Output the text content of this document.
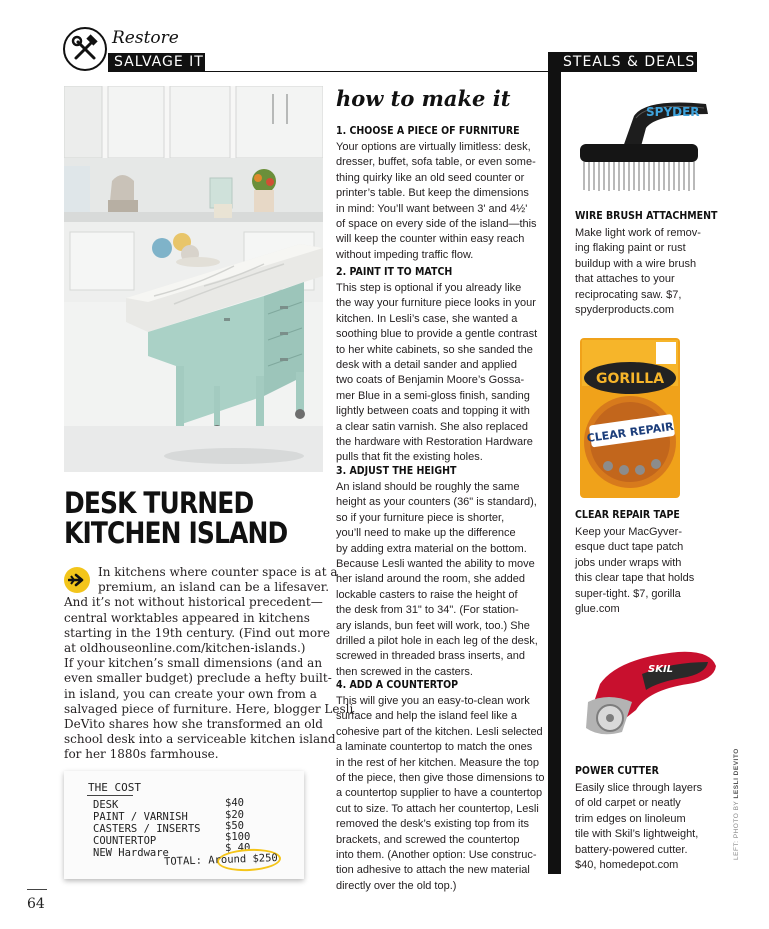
Restore
SALVAGE IT	STEALS & DEALS
DESK TURNED
KITCHEN ISLAND
In kitchens where counter space is at a
premium, an island can be a lifesaver.
And it’s not without historical precedent—
central worktables appeared in kitchens
starting in the 19th century. (Find out more
at oldhouseonline.com/kitchen-islands.)
If your kitchen’s small dimensions (and an
even smaller budget) preclude a hefty built-
in island, you can create your own from a
salvaged piece of furniture. Here, blogger Lesli
DeVito shares how she transformed an old
school desk into a serviceable kitchen island
for her 1880s farmhouse.
THE COST
DESK	$40
PAINT / VARNISH	$20
CASTERS / INSERTS $50
COUNTERTOP	$100
NEW Hardware	$ 40
TOTAL: Around $250
how to make it
1. CHOOSE A PIECE OF FURNITURE
Your options are virtually limitless: desk,
dresser, buffet, sofa table, or even some-
thing quirky like an old seed counter or
printer’s table. But keep the dimensions
in mind: You’ll want between 3' and 4½'
of space on every side of the island—this
will keep the counter within easy reach
without impeding traffic flow.
2. PAINT IT TO MATCH
This step is optional if you already like
the way your furniture piece looks in your
kitchen. In Lesli’s case, she wanted a
soothing blue to provide a gentle contrast
to her white cabinets, so she sanded the
desk with a detail sander and applied
two coats of Benjamin Moore’s Gossa-
mer Blue in a semi-gloss finish, sanding
lightly between coats and topping it with
a clear satin varnish. She also replaced
the hardware with Restoration Hardware
pulls that fit the existing holes.
3. ADJUST THE HEIGHT
An island should be roughly the same
height as your counters (36" is standard),
so if your furniture piece is shorter,
you’ll need to make up the difference
by adding extra material on the bottom.
Because Lesli wanted the ability to move
her island around the room, she added
lockable casters to raise the height of
the desk from 31" to 34". (For station-
ary islands, bun feet will work, too.) She
drilled a pilot hole in each leg of the desk,
screwed in threaded brass inserts, and
then screwed in the casters.
4. ADD A COUNTERTOP
This will give you an easy-to-clean work
surface and help the island feel like a
cohesive part of the kitchen. Lesli selected
a laminate countertop to match the ones
in the rest of her kitchen. Measure the top
of the piece, then give those dimensions to
a countertop supplier to have a countertop
cut to size. To attach her countertop, Lesli
removed the desk’s existing top from its
brackets, and screwed the countertop
into them. (Another option: Use construc-
tion adhesive to attach the new material
directly over the old top.)
SPYDER
WIRE BRUSH ATTACHMENT
Make light work of remov-
ing flaking paint or rust
buildup with a wire brush
that attaches to your
reciprocating saw. $7,
spyderproducts.com
GORILLA
CLEAR REPAIR
CLEAR REPAIR TAPE
Keep your MacGyver-
esque duct tape patch
jobs under wraps with
this clear tape that holds
super-tight. $7, gorilla
glue.com
SKIL
POWER CUTTER
Easily slice through layers
of old carpet or neatly
trim edges on linoleum
tile with Skil’s lightweight,
battery-powered cutter.
$40, homedepot.com
64
LEFT: PHOTO BY LESLI DEVITO
